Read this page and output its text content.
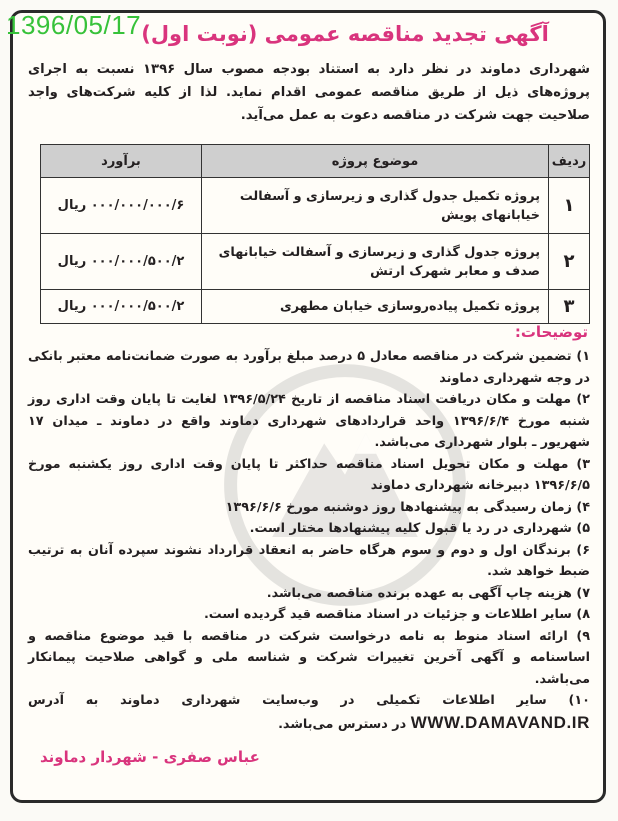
1396/05/17 آگهی تجدید مناقصه عمومی (نوبت اول)
شهرداری دماوند در نظر دارد به استناد بودجه مصوب سال ۱۳۹۶ نسبت به اجرای پروژه‌های ذیل از طریق مناقصه عمومی اقدام نماید. لذا از کلیه شرکت‌های واجد صلاحیت جهت شرکت در مناقصه دعوت به عمل می‌آید.
ردیف	موضوع پروژه	برآورد
۱	پروژه تکمیل جدول گذاری و زیرسازی و آسفالت خیابانهای پویش	۰۰۰/۰۰۰/۰۰۰/۶ ریال
۲	پروژه جدول گذاری و زیرسازی و آسفالت خیابانهای صدف و معابر شهرک ارتش	۰۰۰/۰۰۰/۵۰۰/۲ ریال
۳	پروژه تکمیل پیاده‌روسازی خیابان مطهری	۰۰۰/۰۰۰/۵۰۰/۲ ریال
توضیحات:

۱) تضمین شرکت در مناقصه معادل ۵ درصد مبلغ برآورد به صورت ضمانت‌نامه معتبر بانکی در وجه شهرداری دماوند

۲) مهلت و مکان دریافت اسناد مناقصه از تاریخ ۱۳۹۶/۵/۲۴ لغایت تا پایان وقت اداری روز شنبه مورخ ۱۳۹۶/۶/۴ واحد قراردادهای شهرداری دماوند واقع در دماوند ـ میدان ۱۷ شهریور ـ بلوار شهرداری می‌باشد.

۳) مهلت و مکان تحویل اسناد مناقصه حداکثر تا پایان وقت اداری روز یکشنبه مورخ ۱۳۹۶/۶/۵ دبیرخانه شهرداری دماوند

۴) زمان رسیدگی به پیشنهادها روز دوشنبه مورخ ۱۳۹۶/۶/۶

۵) شهرداری در رد یا قبول کلیه پیشنهادها مختار است.

۶) برندگان اول و دوم و سوم هرگاه حاضر به انعقاد قرارداد نشوند سپرده آنان به ترتیب ضبط خواهد شد.

۷) هزینه چاپ آگهی به عهده برنده مناقصه می‌باشد.

۸) سایر اطلاعات و جزئیات در اسناد مناقصه قید گردیده است.

۹) ارائه اسناد منوط به نامه درخواست شرکت در مناقصه با قید موضوع مناقصه و اساسنامه و آگهی آخرین تغییرات شرکت و شناسه ملی و گواهی صلاحیت پیمانکار می‌باشد.

۱۰) سایر اطلاعات تکمیلی در وب‌سایت شهرداری دماوند به آدرس WWW.DAMAVAND.IR در دسترس می‌باشد.

عباس صفری - شهردار دماوند
